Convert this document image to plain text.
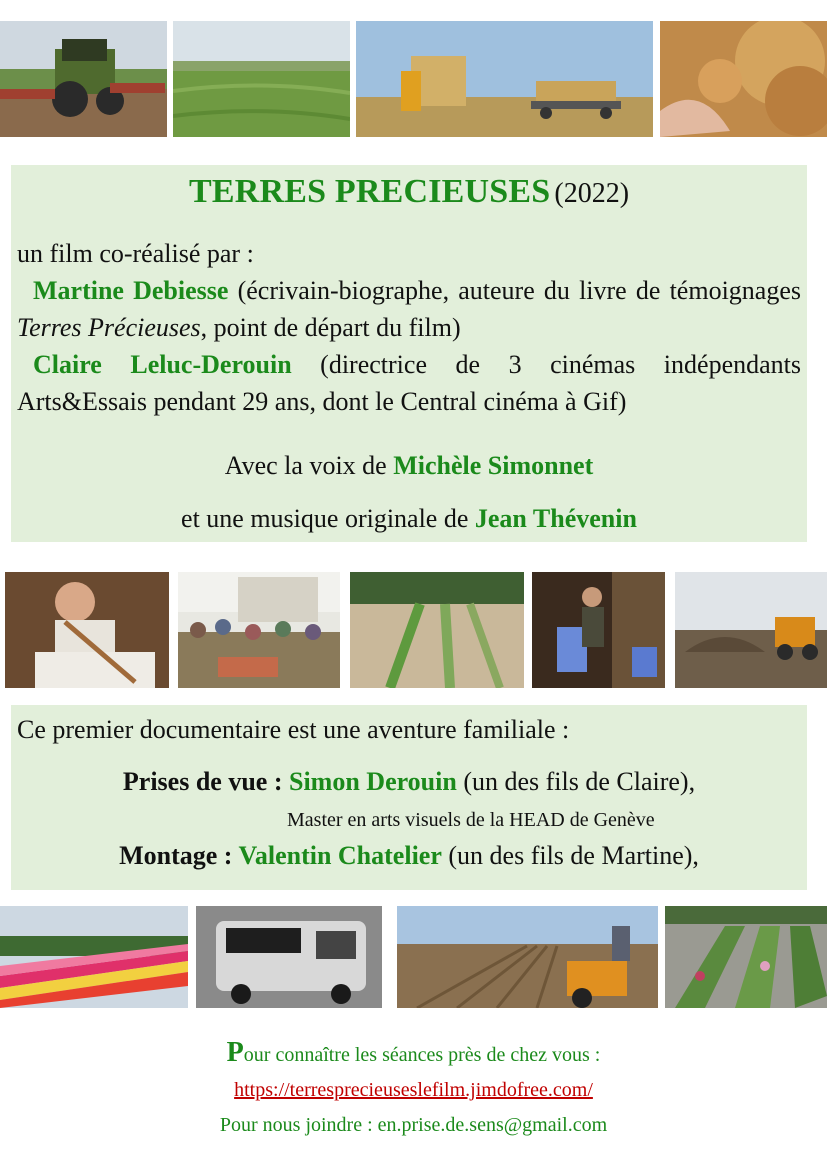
TERRES PRECIEUSES (2022)
un film co-réalisé par :
Martine Debiesse (écrivain-biographe, auteure du livre de témoignages Terres Précieuses, point de départ du film)
Claire Leluc-Derouin (directrice de 3 cinémas indépendants Arts&Essais pendant 29 ans, dont le Central cinéma à Gif)
Avec la voix de Michèle Simonnet
et une musique originale de Jean Thévenin
Ce premier documentaire est une aventure familiale :
Prises de vue : Simon Derouin (un des fils de Claire),
Master en arts visuels de la HEAD de Genève
Montage : Valentin Chatelier (un des fils de Martine),
Pour connaître les séances près de chez vous :
https://terresprecieuseslefilm.jimdofree.com/
Pour nous joindre : en.prise.de.sens@gmail.com
